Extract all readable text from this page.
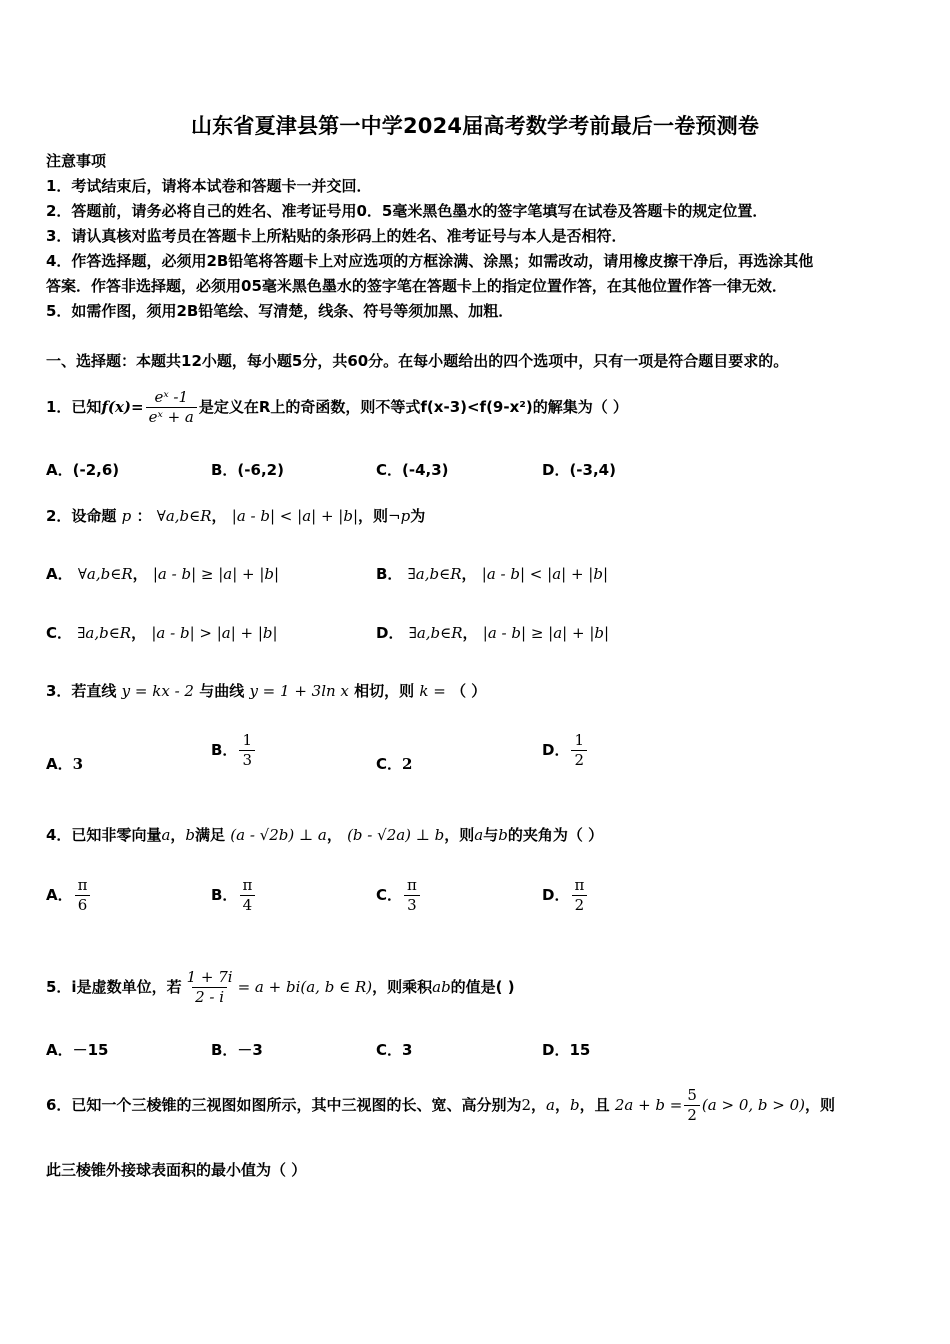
山东省夏津县第一中学2024届高考数学考前最后一卷预测卷
注意事项
1．考试结束后，请将本试卷和答题卡一并交回．
2．答题前，请务必将自己的姓名、准考证号用0．5毫米黑色墨水的签字笔填写在试卷及答题卡的规定位置．
3．请认真核对监考员在答题卡上所粘贴的条形码上的姓名、准考证号与本人是否相符．
4．作答选择题，必须用2B铅笔将答题卡上对应选项的方框涂满、涂黑；如需改动，请用橡皮擦干净后，再选涂其他
答案．作答非选择题，必须用05毫米黑色墨水的签字笔在答题卡上的指定位置作答，在其他位置作答一律无效．
5．如需作图，须用2B铅笔绘、写清楚，线条、符号等须加黑、加粗．
一、选择题：本题共12小题，每小题5分，共60分。在每小题给出的四个选项中，只有一项是符合题目要求的。
1．已知$f(x)= \frac{\text{eˣ -1}}{\text{eˣ + a}}$ 是定义在R上的奇函数，则不等式f(x-3)<f(9-x²)的解集为（ ）
A．(-2,6)	B．(-6,2)	C．(-4,3)	D．(-3,4)
2．设命题 p ： ∀a,b∈R， |a - b| < |a| + |b|，则¬p为
A． ∀a,b∈R， |a - b| ≥ |a| + |b|	B． ∃a,b∈R， |a - b| < |a| + |b|
C． ∃a,b∈R， |a - b| > |a| + |b|	D． ∃a,b∈R， |a - b| ≥ |a| + |b|
3．若直线 y = kx - 2 与曲线 y = 1 + 3ln x 相切，则 k = （ ）
A．3
B． $\frac{1}{3}$	C．2
D． $\frac{1}{2}$
4．已知非零向量a，b满足 (a - √2b) ⊥ a， (b - √2a) ⊥ b，则a与b的夹角为（ ）
A． $\frac{\pi}{6}$	B． $\frac{\pi}{4}$	C． $\frac{\pi}{3}$	D． $\frac{\pi}{2}$
5．i是虚数单位，若 $\frac{1 + 7i}{2 - i} = a + bi(a$, b ∈ R)，则乘积ab的值是( )
A．－15	B．－3	C．3	D．15
6．已知一个三棱锥的三视图如图所示，其中三视图的长、宽、高分别为2，a，b，且 $2a + b = \frac{5}{2} (a > 0$, b > 0)，则
此三棱锥外接球表面积的最小值为（ ）
